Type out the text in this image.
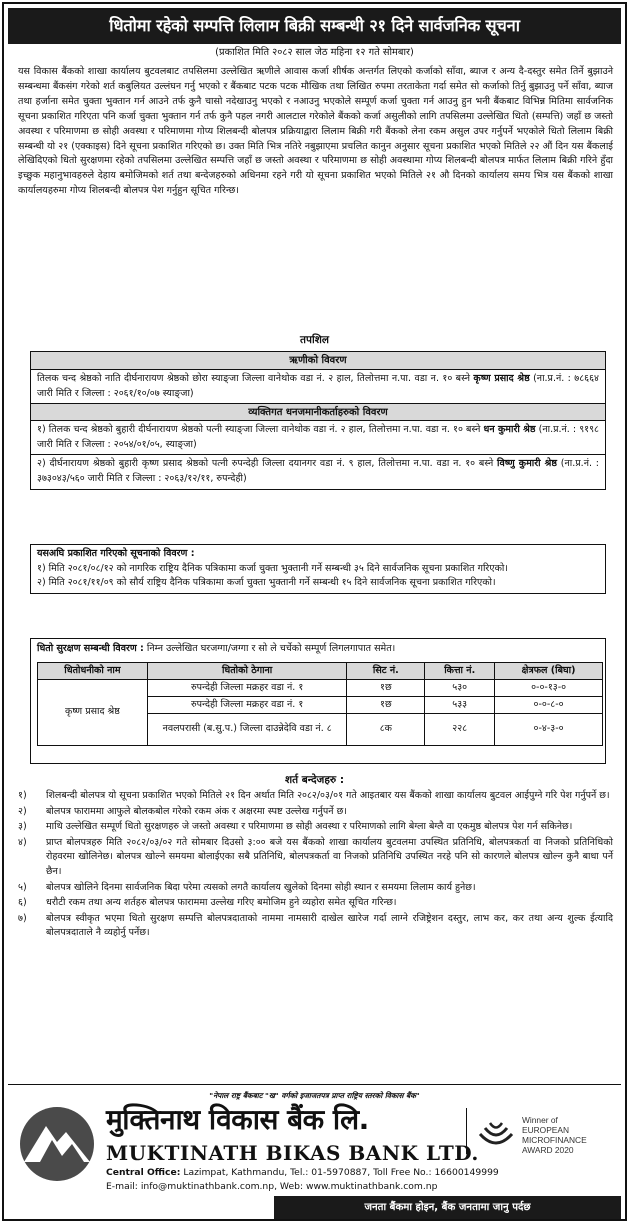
धितोमा रहेको सम्पत्ति लिलाम बिक्री सम्बन्धी २१ दिने सार्वजनिक सूचना
(प्रकाशित मिति २०८२ साल जेठ महिना १२ गते सोमबार)

यस विकास बैंकको शाखा कार्यालय बुटवलबाट तपसिलमा उल्लेखित ऋणीले आवास कर्जा शीर्षक अन्तर्गत लिएको कर्जाको साँवा, ब्याज र अन्य दै-दस्तुर समेत तिर्ने बुझाउने सम्बन्धमा बैंकसंग गरेको शर्त कबुलियत उल्लंघन गर्नु भएको र बैंकबाट पटक पटक मौखिक तथा लिखित रुपमा तरताकेता गर्दा समेत सो कर्जाको तिर्नु बुझाउनु पर्ने साँवा, ब्याज तथा हर्जाना समेत चुक्ता भुक्तान गर्न आउने तर्फ कुनै चासो नदेखाउनु भएको र नआउनु भएकोले सम्पूर्ण कर्जा चुक्ता गर्न आउनु हुन भनी बैंकबाट विभिन्न मितिमा सार्वजनिक सूचना प्रकाशित गरिएता पनि कर्जा चुक्ता भुक्तान गर्न तर्फ कुनै पहल नगरी आलटाल गरेकोले बैंकको कर्जा असुलीको लागि तपसिलमा उल्लेखित धितो (सम्पत्ति) जहाँ छ जस्तो अवस्था र परिमाणमा छ सोही अवस्था र परिमाणमा गोप्य शिलबन्दी बोलपत्र प्रक्रियाद्वारा लिलाम बिक्री गरी बैंकको लेना रकम असुल उपर गर्नुपर्ने भएकोले धितो लिलाम बिक्री सम्बन्धी यो २१ (एक्काइस) दिने सूचना प्रकाशित गरिएको छ। उक्त मिति भित्र नतिरे नबुझाएमा प्रचलित कानुन अनुसार सूचना प्रकाशित भएको मितिले २२ औं दिन यस बैंकलाई लेखिदिएको धितो सुरक्षणमा रहेको तपसिलमा उल्लेखित सम्पत्ति जहाँ छ जस्तो अवस्था र परिमाणमा छ सोही अवस्थामा गोप्य शिलबन्दी बोलपत्र मार्फत लिलाम बिक्री गरिने हुँदा इच्छुक महानुभावहरुले देहाय बमोजिमको शर्त तथा बन्देजहरुको अधिनमा रहने गरी यो सूचना प्रकाशित भएको मितिले २१ औ दिनको कार्यालय समय भित्र यस बैंकको शाखा कार्यालयहरुमा गोप्य शिलबन्दी बोलपत्र पेश गर्नुहुन सूचित गरिन्छ।

तपशिल
ऋणीको विवरण
तिलक चन्द श्रेष्ठको नाति दीर्घनारायण श्रेष्ठको छोरा स्याङ्जा जिल्ला वानेथोक वडा नं. २ हाल, तिलोत्तमा न.पा. वडा न. १० बस्ने कृष्ण प्रसाद श्रेष्ठ (ना.प्र.नं. : ७८६६४ जारी मिति र जिल्ला : २०६१/१०/०७ स्याङ्जा)
व्यक्तिगत धनजमानीकर्ताहरुको विवरण
१) तिलक चन्द श्रेष्ठको बुहारी दीर्घनारायण श्रेष्ठको पत्नी स्याङ्जा जिल्ला वानेथोक वडा नं. २ हाल, तिलोत्तमा न.पा. वडा न. १० बस्ने धन कुमारी श्रेष्ठ (ना.प्र.नं. : ९१९८ जारी मिति र जिल्ला : २०५४/०१/०५, स्याङ्जा)
२) दीर्घनारायण श्रेष्ठको बुहारी कृष्ण प्रसाद श्रेष्ठको पत्नी रुपन्देही जिल्ला दयानगर वडा नं. ९ हाल, तिलोत्तमा न.पा. वडा न. १० बस्ने विष्णु कुमारी श्रेष्ठ (ना.प्र.नं. : ३७३०४३/५६० जारी मिति र जिल्ला : २०६३/१२/११, रुपन्देही)
यसअघि प्रकाशित गरिएको सूचनाको विवरण :
१) मिति २०८१/०८/१२ को नागरिक राष्ट्रिय दैनिक पत्रिकामा कर्जा चुक्ता भुक्तानी गर्ने सम्बन्धी ३५ दिने सार्वजनिक सूचना प्रकाशित गरिएको।
२) मिति २०८१/११/०९ को सौर्य राष्ट्रिय दैनिक पत्रिकामा कर्जा चुक्ता भुक्तानी गर्ने सम्बन्धी १५ दिने सार्वजनिक सूचना प्रकाशित गरिएको।
धितो सुरक्षण सम्बन्धी विवरण : निम्न उल्लेखित घरजग्गा/जग्गा र सो ले चर्चेको सम्पूर्ण लिगलगापात समेत।
धितोधनीको नाम	धितोको ठेगाना	सिट नं.	कित्ता नं.	क्षेत्रफल (बिघा)
कृष्ण प्रसाद श्रेष्ठ	रुपन्देही जिल्ला मक्रहर वडा नं. १	१छ	५३०	०-०-१३-०
	रुपन्देही जिल्ला मक्रहर वडा नं. १	१छ	५३३	०-०-८-०
	नवलपरासी (ब.सु.प.) जिल्ला दाउन्नेदेवि वडा नं. ८	८क	२२८	०-४-३-०
शर्त बन्देजहरु :
१)	शिलबन्दी बोलपत्र यो सूचना प्रकाशित भएको मितिले २१ दिन अर्थात मिति २०८२/०३/०१ गते आइतबार यस बैंकको शाखा कार्यालय बुटवल आईपुग्ने गरि पेश गर्नुपर्ने छ।
२)	बोलपत्र फाराममा आफुले बोलकबोल गरेको रकम अंक र अक्षरमा स्पष्ट उल्लेख गर्नुपर्ने छ।
३)	माथि उल्लेखित सम्पूर्ण धितो सुरक्षणहरु जे जस्तो अवस्था र परिमाणमा छ सोही अवस्था र परिमाणको लागि बेग्ला बेग्लै वा एकमुष्ठ बोलपत्र पेश गर्न सकिनेछ।
४)	प्राप्त बोलपत्रहरु मिति २०८२/०३/०२ गते सोमबार दिउसो ३:०० बजे यस बैंकको शाखा कार्यालय बुटवलमा उपस्थित प्रतिनिधि, बोलपत्रकर्ता वा निजको प्रतिनिधिको रोहवरमा खोलिनेछ। बोलपत्र खोल्ने समयमा बोलाईएका सबै प्रतिनिधि, बोलपत्रकर्ता वा निजको प्रतिनिधि उपस्थित नरहे पनि सो कारणले बोलपत्र खोल्न कुनै बाधा पर्ने छैन।
५)	बोलपत्र खोलिने दिनमा सार्वजनिक बिदा परेमा त्यसको लगतै कार्यालय खुलेको दिनमा सोही स्थान र समयमा लिलाम कार्य हुनेछ।
६)	धरौटी रकम तथा अन्य शर्तहरु बोलपत्र फाराममा उल्लेख गरिए बमोजिम हुने व्यहोरा समेत सूचित गरिन्छ।
७)	बोलपत्र स्वीकृत भएमा धितो सुरक्षण सम्पत्ति बोलपत्रदाताको नाममा नामसारी दाखेल खारेज गर्दा लाग्ने रजिष्ट्रेशन दस्तुर, लाभ कर, कर तथा अन्य शुल्क ईत्यादि बोलपत्रदाताले नै व्यहोर्नु पर्नेछ।
"नेपाल राष्ट्र बैंकबाट "ख" वर्गको इजाजतपत्र प्राप्त राष्ट्रिय स्तरको विकास बैंक"
मुक्तिनाथ विकास बैंक लि.
MUKTINATH BIKAS BANK LTD.
Central Office: Lazimpat, Kathmandu, Tel.: 01-5970887, Toll Free No.: 16600149999
E-mail: info@muktinathbank.com.np, Web: www.muktinathbank.com.np
Winner of
EUROPEAN
MICROFINANCE
AWARD 2020
जनता बैंकमा होइन, बैंक जनतामा जानु पर्दछ
